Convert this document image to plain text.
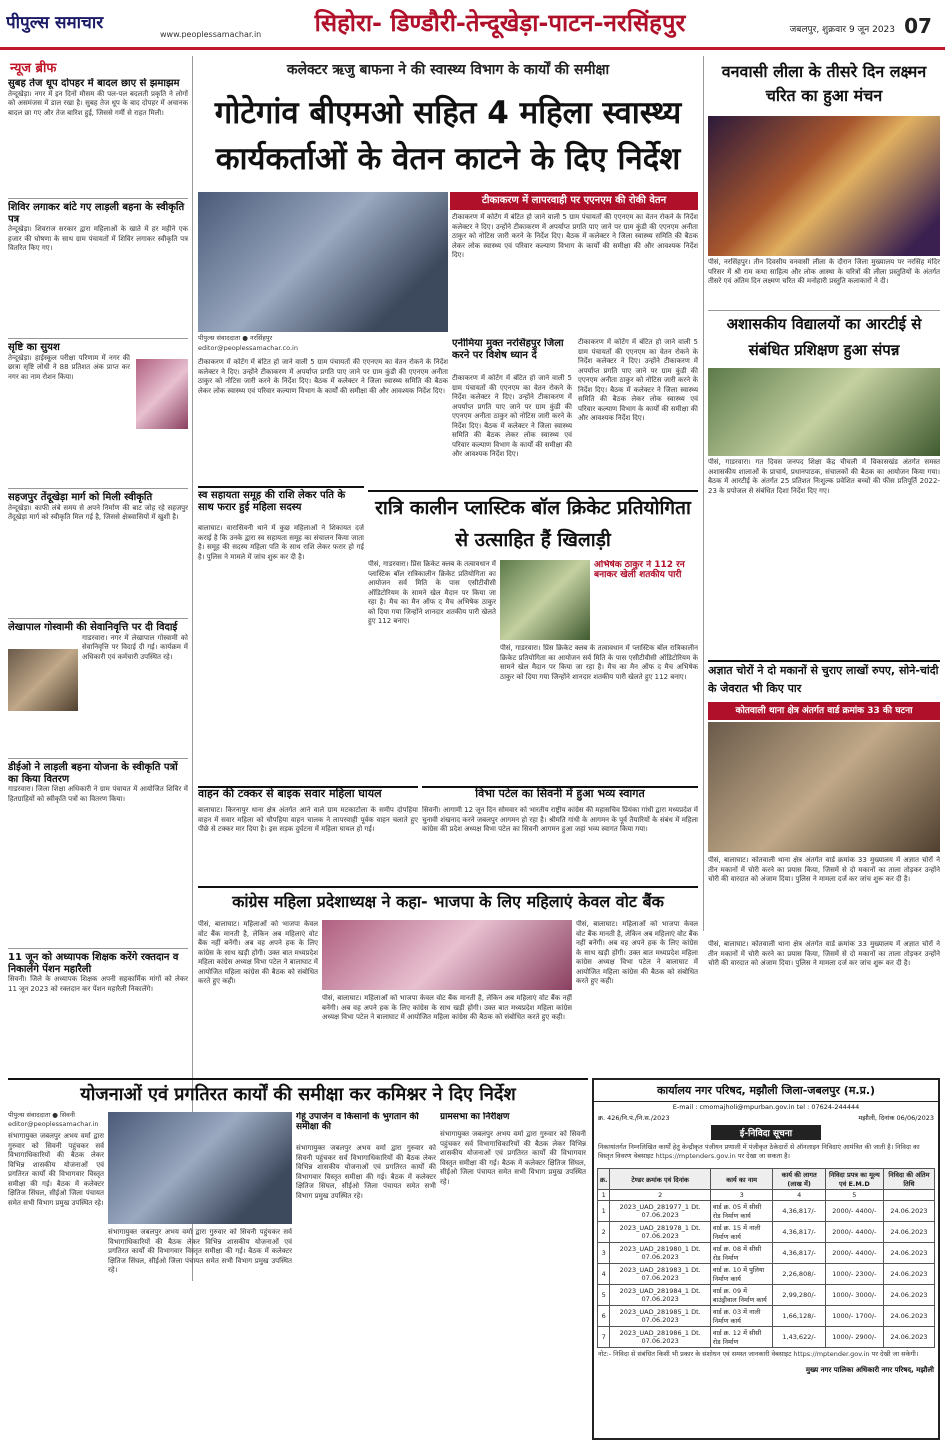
पीपुल्स समाचार
www.peoplessamachar.in सिहोरा- डिण्डौरी-तेन्दूखेड़ा-पाटन-नरसिंहपुर	जबलपुर, शुक्रवार 9 जून 2023 07
न्यूज ब्रीफ
सुबह तेज धूप दोपहर में बादल छाए से झमाझम
तेन्दूखेड़ा। नगर में इन दिनों मौसम की पल-पल बदलती प्रकृति ने लोगों को असमंजस में डाल रखा है। सुबह तेज धूप के बाद दोपहर में अचानक बादल छा गए और तेज बारिश हुई, जिससे गर्मी से राहत मिली।
शिविर लगाकर बांटे गए लाड़ली बहना के स्वीकृति पत्र
तेन्दूखेड़ा। शिवराज सरकार द्वारा महिलाओं के खाते में हर महीने एक हजार की घोषणा के साथ ग्राम पंचायतों में शिविर लगाकर स्वीकृति पत्र वितरित किए गए।
सृष्टि का सुयश
तेन्दूखेड़ा। हाईस्कूल परीक्षा परिणाम में नगर की छात्रा सृष्टि लोधी ने 88 प्रतिशत अंक प्राप्त कर नगर का नाम रोशन किया।
सहजपुर तेंदूखेड़ा मार्ग को मिली स्वीकृति
तेन्दूखेड़ा। काफी लंबे समय से अपने निर्माण की बाट जोह रहे सहजपुर तेंदूखेड़ा मार्ग को स्वीकृति मिल गई है, जिससे क्षेत्रवासियों में खुशी है।
लेखापाल गोस्वामी की सेवानिवृत्ति पर दी विदाई
गाडरवारा। नगर में लेखापाल गोस्वामी को सेवानिवृत्ति पर विदाई दी गई। कार्यक्रम में अधिकारी एवं कर्मचारी उपस्थित रहे।
डीईओ ने लाड़ली बहना योजना के स्वीकृति पत्रों का किया वितरण
गाडरवारा। जिला शिक्षा अधिकारी ने ग्राम पंचायत में आयोजित शिविर में हितग्राहियों को स्वीकृति पत्रों का वितरण किया।
11 जून को अध्यापक शिक्षक करेंगे रक्तदान व निकालेंगे पेंशन महारैली
सिवनी। जिले के अध्यापक शिक्षक अपनी सहकार्मिक मांगों को लेकर 11 जून 2023 को रक्तदान कर पेंशन महारैली निकालेंगे।
कलेक्टर ऋजु बाफना ने की स्वास्थ्य विभाग के कार्यों की समीक्षा
गोटेगांव बीएमओ सहित 4 महिला स्वास्थ्य कार्यकर्ताओं के वेतन काटने के दिए निर्देश
पीपुल्स संवाददाता ● नरसिंहपुर
editor@peoplessamachar.co.in
टीकाकरण में लापरवाही पर एएनएम की रोकी वेतन
टीकाकरण में कोटेंग में बंटित हो जाने वाली 5 ग्राम पंचायतों की एएनएम का वेतन रोकने के निर्देश कलेक्टर ने दिए। उन्होंने टीकाकरण में अपर्याप्त प्रगति पाए जाने पर ग्राम कुंडी की एएनएम अनीता ठाकुर को नोटिस जारी करने के निर्देश दिए। बैठक में कलेक्टर ने जिला स्वास्थ्य समिति की बैठक लेकर लोक स्वास्थ्य एवं परिवार कल्याण विभाग के कार्यों की समीक्षा की और आवश्यक निर्देश दिए।
टीकाकरण में कोटेंग में बंटित हो जाने वाली 5 ग्राम पंचायतों की एएनएम का वेतन रोकने के निर्देश कलेक्टर ने दिए। उन्होंने टीकाकरण में अपर्याप्त प्रगति पाए जाने पर ग्राम कुंडी की एएनएम अनीता ठाकुर को नोटिस जारी करने के निर्देश दिए। बैठक में कलेक्टर ने जिला स्वास्थ्य समिति की बैठक लेकर लोक स्वास्थ्य एवं परिवार कल्याण विभाग के कार्यों की समीक्षा की और आवश्यक निर्देश दिए।
एनीमिया मुक्त नरसिंहपुर जिला करने पर विशेष ध्यान दें
टीकाकरण में कोटेंग में बंटित हो जाने वाली 5 ग्राम पंचायतों की एएनएम का वेतन रोकने के निर्देश कलेक्टर ने दिए। उन्होंने टीकाकरण में अपर्याप्त प्रगति पाए जाने पर ग्राम कुंडी की एएनएम अनीता ठाकुर को नोटिस जारी करने के निर्देश दिए। बैठक में कलेक्टर ने जिला स्वास्थ्य समिति की बैठक लेकर लोक स्वास्थ्य एवं परिवार कल्याण विभाग के कार्यों की समीक्षा की और आवश्यक निर्देश दिए।
टीकाकरण में कोटेंग में बंटित हो जाने वाली 5 ग्राम पंचायतों की एएनएम का वेतन रोकने के निर्देश कलेक्टर ने दिए। उन्होंने टीकाकरण में अपर्याप्त प्रगति पाए जाने पर ग्राम कुंडी की एएनएम अनीता ठाकुर को नोटिस जारी करने के निर्देश दिए। बैठक में कलेक्टर ने जिला स्वास्थ्य समिति की बैठक लेकर लोक स्वास्थ्य एवं परिवार कल्याण विभाग के कार्यों की समीक्षा की और आवश्यक निर्देश दिए।
वनवासी लीला के तीसरे दिन लक्ष्मन चरित का हुआ मंचन
पीसं, नरसिंहपुर। तीन दिवसीय वनवासी लीला के दौरान जिला मुख्यालय पर नरसिंह मंदिर परिसर में श्री राम कथा साहित्य और लोक आस्था के चरित्रों की लीला प्रस्तुतियों के अंतर्गत तीसरे एवं अंतिम दिन लक्ष्मण चरित की मनोहारी प्रस्तुति कलाकारों ने दी।
अशासकीय विद्यालयों का आरटीई से संबंधित प्रशिक्षण हुआ संपन्न
पीसं, गाडरवारा। गत दिवस जनपद शिक्षा केंद्र चीचली में विकासखंड अंतर्गत समस्त अशासकीय शालाओं के प्राचार्य, प्रधानपाठक, संचालकों की बैठक का आयोजन किया गया। बैठक में आरटीई के अंतर्गत 25 प्रतिशत निःशुल्क प्रवेशित बच्चों की फीस प्रतिपूर्ति 2022-23 के प्रपोजल से संबंधित दिशा निर्देश दिए गए।
स्व सहायता समूह की राशि लेकर पति के साथ फरार हुई महिला सदस्य
बालाघाट। वारासिवनी थाने में कुछ महिलाओं ने शिकायत दर्ज कराई है कि उनके द्वारा स्व सहायता समूह का संचालन किया जाता है। समूह की सदस्य महिला पति के साथ राशि लेकर फरार हो गई है। पुलिस ने मामले में जांच शुरू कर दी है।
रात्रि कालीन प्लास्टिक बॉल क्रिकेट प्रतियोगिता से उत्साहित हैं खिलाड़ी
अभिषेक ठाकुर ने 112 रन बनाकर खेली शतकीय पारी
पीसं, गाडरवारा। प्रिंस क्रिकेट क्लब के तत्वावधान में प्लास्टिक बॉल रात्रिकालीन क्रिकेट प्रतियोगिता का आयोजन सर्व मिति के पास एसीटीवीसी ऑडिटोरियम के सामने खेल मैदान पर किया जा रहा है। मैच का मैन ऑफ द मैच अभिषेक ठाकुर को दिया गया जिन्होंने शानदार शतकीय पारी खेलते हुए 112 बनाए।
पीसं, गाडरवारा। प्रिंस क्रिकेट क्लब के तत्वावधान में प्लास्टिक बॉल रात्रिकालीन क्रिकेट प्रतियोगिता का आयोजन सर्व मिति के पास एसीटीवीसी ऑडिटोरियम के सामने खेल मैदान पर किया जा रहा है। मैच का मैन ऑफ द मैच अभिषेक ठाकुर को दिया गया जिन्होंने शानदार शतकीय पारी खेलते हुए 112 बनाए।	अज्ञात चोरों ने दो मकानों से चुराए लाखों रुपए, सोने-चांदी के जेवरात भी किए पार
कोतवाली थाना क्षेत्र अंतर्गत वार्ड क्रमांक 33 की घटना
पीसं, बालाघाट। कोतवाली थाना क्षेत्र अंतर्गत वार्ड क्रमांक 33 मुख्यालय में अज्ञात चोरों ने तीन मकानों में चोरी करने का प्रयास किया, जिसमें से दो मकानों का ताला तोड़कर उन्होंने चोरी की वारदात को अंजाम दिया। पुलिस ने मामला दर्ज कर जांच शुरू कर दी है।
वाहन की टक्कर से बाइक सवार महिला घायल
बालाघाट। किरनापुर थाना क्षेत्र अंतर्गत आने वाले ग्राम मटकाटोला के समीप दोपहिया वाहन में सवार महिला को चौपहिया वाहन चालक ने लापरवाही पूर्वक वाहन चलाते हुए पीछे से टक्कर मार दिया है। इस सड़क दुर्घटना में महिला घायल हो गई।
विभा पटेल का सिवनी में हुआ भव्य स्वागत
सिवनी। आगामी 12 जून दिन सोमवार को भारतीय राष्ट्रीय कांग्रेस की महासचिव प्रियंका गांधी द्वारा मध्यप्रदेश में चुनावी शंखनाद करने जबलपुर आगमन हो रहा है। श्रीमति गांधी के आगमन के पूर्व तैयारियों के संबंध में महिला कांग्रेस की प्रदेश अध्यक्ष विभा पटेल का सिवनी आगमन हुआ जहां भव्य स्वागत किया गया।
कांग्रेस महिला प्रदेशाध्यक्ष ने कहा- भाजपा के लिए महिलाएं केवल वोट बैंक
पीसं, बालाघाट। महिलाओं को भाजपा केवल वोट बैंक मानती है, लेकिन अब महिलाएं वोट बैंक नहीं बनेंगी। अब वह अपने हक के लिए कांग्रेस के साथ खड़ी होंगी। उक्त बात मध्यप्रदेश महिला कांग्रेस अध्यक्ष विभा पटेल ने बालाघाट में आयोजित महिला कांग्रेस की बैठक को संबोधित करते हुए कही।
पीसं, बालाघाट। महिलाओं को भाजपा केवल वोट बैंक मानती है, लेकिन अब महिलाएं वोट बैंक नहीं बनेंगी। अब वह अपने हक के लिए कांग्रेस के साथ खड़ी होंगी। उक्त बात मध्यप्रदेश महिला कांग्रेस अध्यक्ष विभा पटेल ने बालाघाट में आयोजित महिला कांग्रेस की बैठक को संबोधित करते हुए कही।
पीसं, बालाघाट। महिलाओं को भाजपा केवल वोट बैंक मानती है, लेकिन अब महिलाएं वोट बैंक नहीं बनेंगी। अब वह अपने हक के लिए कांग्रेस के साथ खड़ी होंगी। उक्त बात मध्यप्रदेश महिला कांग्रेस अध्यक्ष विभा पटेल ने बालाघाट में आयोजित महिला कांग्रेस की बैठक को संबोधित करते हुए कही।
पीसं, बालाघाट। कोतवाली थाना क्षेत्र अंतर्गत वार्ड क्रमांक 33 मुख्यालय में अज्ञात चोरों ने तीन मकानों में चोरी करने का प्रयास किया, जिसमें से दो मकानों का ताला तोड़कर उन्होंने चोरी की वारदात को अंजाम दिया। पुलिस ने मामला दर्ज कर जांच शुरू कर दी है।
योजनाओं एवं प्रगतिरत कार्यों की समीक्षा कर कमिश्नर ने दिए निर्देश
पीपुल्स संवाददाता ● सिवनी
editor@peoplessamachar.in
संभागायुक्त जबलपुर अभय वर्मा द्वारा गुरुवार को सिवनी पहुंचकर सर्व विभागाधिकारियों की बैठक लेकर विभिन्न शासकीय योजनाओं एवं प्रगतिरत कार्यों की विभागवार विस्तृत समीक्षा की गई। बैठक में कलेक्टर क्षितिज सिंघल, सीईओ जिला पंचायत समेत सभी विभाग प्रमुख उपस्थित रहे।
संभागायुक्त जबलपुर अभय वर्मा द्वारा गुरुवार को सिवनी पहुंचकर सर्व विभागाधिकारियों की बैठक लेकर विभिन्न शासकीय योजनाओं एवं प्रगतिरत कार्यों की विभागवार विस्तृत समीक्षा की गई। बैठक में कलेक्टर क्षितिज सिंघल, सीईओ जिला पंचायत समेत सभी विभाग प्रमुख उपस्थित रहे।
गेहूं उपार्जन व किसानों के भुगतान की समीक्षा की
संभागायुक्त जबलपुर अभय वर्मा द्वारा गुरुवार को सिवनी पहुंचकर सर्व विभागाधिकारियों की बैठक लेकर विभिन्न शासकीय योजनाओं एवं प्रगतिरत कार्यों की विभागवार विस्तृत समीक्षा की गई। बैठक में कलेक्टर क्षितिज सिंघल, सीईओ जिला पंचायत समेत सभी विभाग प्रमुख उपस्थित रहे।
ग्रामसभा का निरीक्षण
संभागायुक्त जबलपुर अभय वर्मा द्वारा गुरुवार को सिवनी पहुंचकर सर्व विभागाधिकारियों की बैठक लेकर विभिन्न शासकीय योजनाओं एवं प्रगतिरत कार्यों की विभागवार विस्तृत समीक्षा की गई। बैठक में कलेक्टर क्षितिज सिंघल, सीईओ जिला पंचायत समेत सभी विभाग प्रमुख उपस्थित रहे।
कार्यालय नगर परिषद, मझौली जिला-जबलपुर (म.प्र.)
E-mail : cmomajholi@mpurban.gov.in tel : 07624-244444
क्र. 426/नि.पं./नि.स./2023	मझौली, दिनांक 06/06/2023
ई-निविदा सूचना
निकायांतर्गत निम्नलिखित कार्यों हेतु केन्द्रीकृत पंजीयन प्रणाली में पंजीकृत ठेकेदारों से ऑनलाइन निविदाएं आमंत्रित की जाती है। निविदा का विस्तृत विवरण वेबसाइट https://mptenders.gov.in पर देखा जा सकता है।
क्र.	टेण्डर क्रमांक एवं दिनांक	कार्य का नाम	कार्य की लागत (लाख में)	निविदा प्रपत्र का मूल्य एवं E.M.D	निविदा की अंतिम तिथि
1	2	3	4	5	
1	2023_UAD_281977_1 Dt. 07.06.2023	वार्ड क्र. 05 में सीसी रोड निर्माण कार्य	4,36,817/-	2000/- 4400/-	24.06.2023
2	2023_UAD_281978_1 Dt. 07.06.2023	वार्ड क्र. 15 में नाली निर्माण कार्य	4,36,817/-	2000/- 4400/-	24.06.2023
3	2023_UAD_281980_1 Dt. 07.06.2023	वार्ड क्र. 08 में सीसी रोड निर्माण	4,36,817/-	2000/- 4400/-	24.06.2023
4	2023_UAD_281983_1 Dt. 07.06.2023	वार्ड क्र. 10 में पुलिया निर्माण कार्य	2,26,808/-	1000/- 2300/-	24.06.2023
5	2023_UAD_281984_1 Dt. 07.06.2023	वार्ड क्र. 09 में बाउंड्रीवाल निर्माण कार्य	2,99,280/-	1000/- 3000/-	24.06.2023
6	2023_UAD_281985_1 Dt. 07.06.2023	वार्ड क्र. 03 में नाली निर्माण कार्य	1,66,128/-	1000/- 1700/-	24.06.2023
7	2023_UAD_281986_1 Dt. 07.06.2023	वार्ड क्र. 12 में सीसी रोड निर्माण	1,43,622/-	1000/- 2900/-	24.06.2023
नोट:- निविदा से संबंधित किसी भी प्रकार के संशोधन एवं समस्त जानकारी वेबसाइट https://mptender.gov.in पर देखी जा सकेगी।
मुख्य नगर पालिका अधिकारी नगर परिषद, मझौली
